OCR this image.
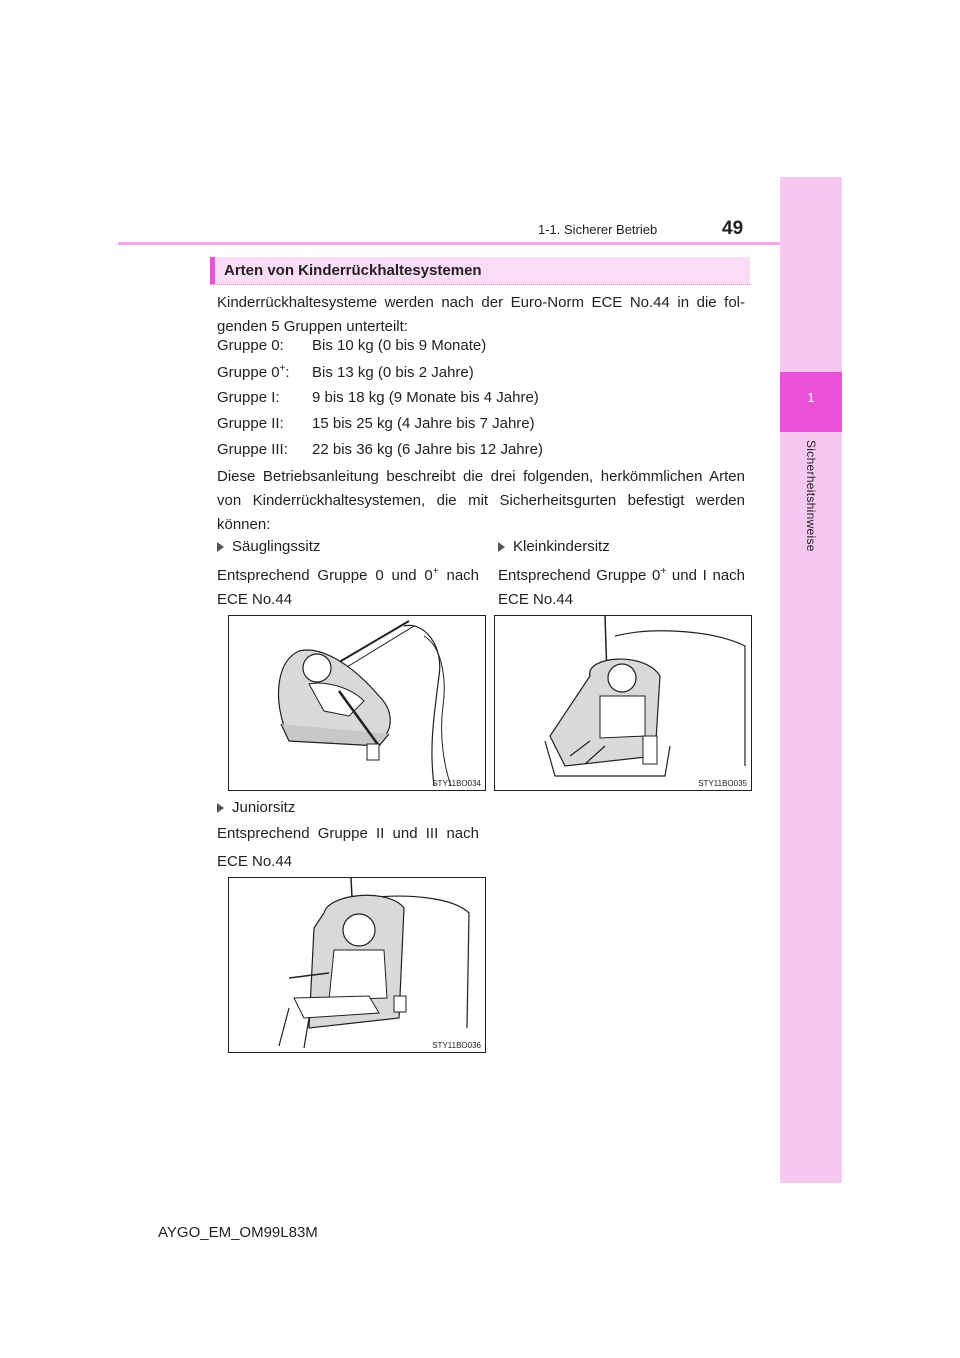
1-1. Sicherer Betrieb	49
1
Sicherheitshinweise
Arten von Kinderrückhaltesystemen
Kinderrückhaltesysteme werden nach der Euro-Norm ECE No.44 in die fol-genden 5 Gruppen unterteilt:
Gruppe 0: Bis 10 kg (0 bis 9 Monate)
Gruppe 0+: Bis 13 kg (0 bis 2 Jahre)
Gruppe I: 9 bis 18 kg (9 Monate bis 4 Jahre)
Gruppe II: 15 bis 25 kg (4 Jahre bis 7 Jahre)
Gruppe III: 22 bis 36 kg (6 Jahre bis 12 Jahre)
Diese Betriebsanleitung beschreibt die drei folgenden, herkömmlichen Arten von Kinderrückhaltesystemen, die mit Sicherheitsgurten befestigt werden können:
Säuglingssitz
Entsprechend Gruppe 0 und 0+ nach ECE No.44
STY11BO034
Kleinkindersitz
Entsprechend Gruppe 0+ und I nach ECE No.44
STY11BO035
Juniorsitz
Entsprechend Gruppe II und III nach ECE No.44
STY11BO036
AYGO_EM_OM99L83M
